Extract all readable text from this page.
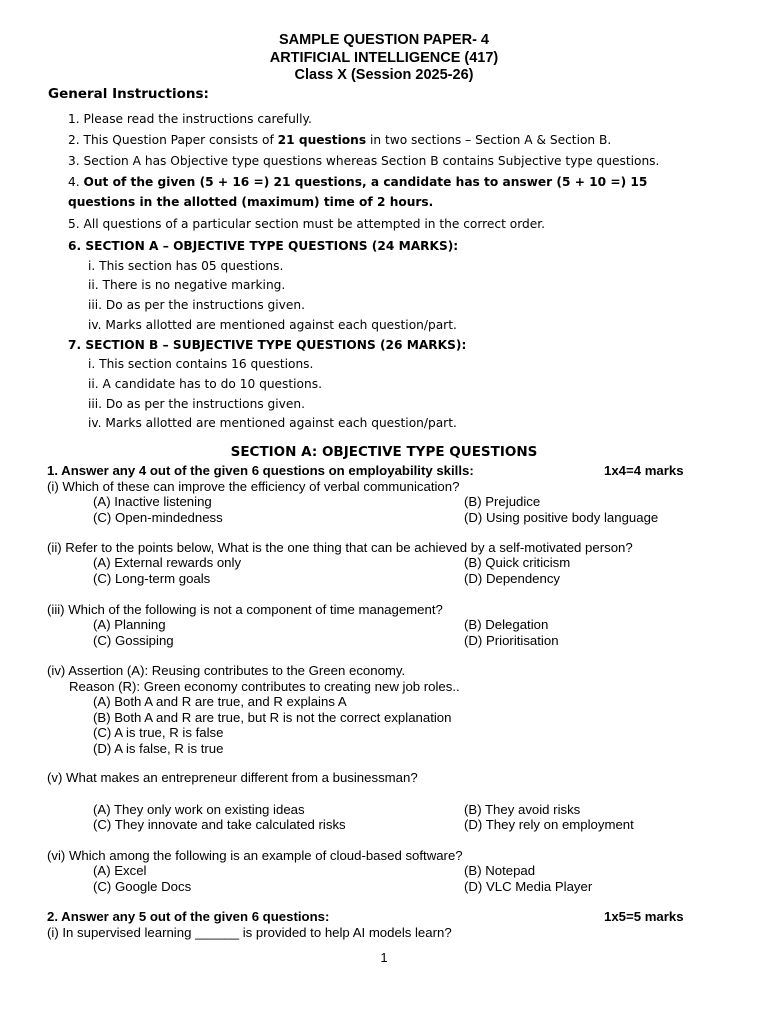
SAMPLE QUESTION PAPER- 4
ARTIFICIAL INTELLIGENCE (417)
Class X (Session 2025-26)
General Instructions:
1. Please read the instructions carefully.
2. This Question Paper consists of 21 questions in two sections – Section A & Section B.
3. Section A has Objective type questions whereas Section B contains Subjective type questions.
4. Out of the given (5 + 16 =) 21 questions, a candidate has to answer (5 + 10 =) 15 questions in the allotted (maximum) time of 2 hours.
5. All questions of a particular section must be attempted in the correct order.
6. SECTION A – OBJECTIVE TYPE QUESTIONS (24 MARKS):
i. This section has 05 questions.
ii. There is no negative marking.
iii. Do as per the instructions given.
iv. Marks allotted are mentioned against each question/part.
7. SECTION B – SUBJECTIVE TYPE QUESTIONS (26 MARKS):
i. This section contains 16 questions.
ii. A candidate has to do 10 questions.
iii. Do as per the instructions given.
iv. Marks allotted are mentioned against each question/part.
SECTION A: OBJECTIVE TYPE QUESTIONS
1. Answer any 4 out of the given 6 questions on employability skills:	1x4=4 marks
(i) Which of these can improve the efficiency of verbal communication?
(A) Inactive listening	(B) Prejudice
(C) Open-mindedness	(D) Using positive body language
(ii) Refer to the points below, What is the one thing that can be achieved by a self-motivated person?
(A) External rewards only	(B) Quick criticism
(C) Long-term goals	(D) Dependency
(iii) Which of the following is not a component of time management?
(A) Planning	(B) Delegation
(C) Gossiping	(D) Prioritisation
(iv) Assertion (A): Reusing contributes to the Green economy.
Reason (R): Green economy contributes to creating new job roles..
(A) Both A and R are true, and R explains A
(B) Both A and R are true, but R is not the correct explanation
(C) A is true, R is false
(D) A is false, R is true
(v) What makes an entrepreneur different from a businessman?
(A) They only work on existing ideas	(B) They avoid risks
(C) They innovate and take calculated risks	(D) They rely on employment
(vi) Which among the following is an example of cloud-based software?
(A) Excel	(B) Notepad
(C) Google Docs	(D) VLC Media Player
2. Answer any 5 out of the given 6 questions:	1x5=5 marks
(i) In supervised learning ______ is provided to help AI models learn?
1
